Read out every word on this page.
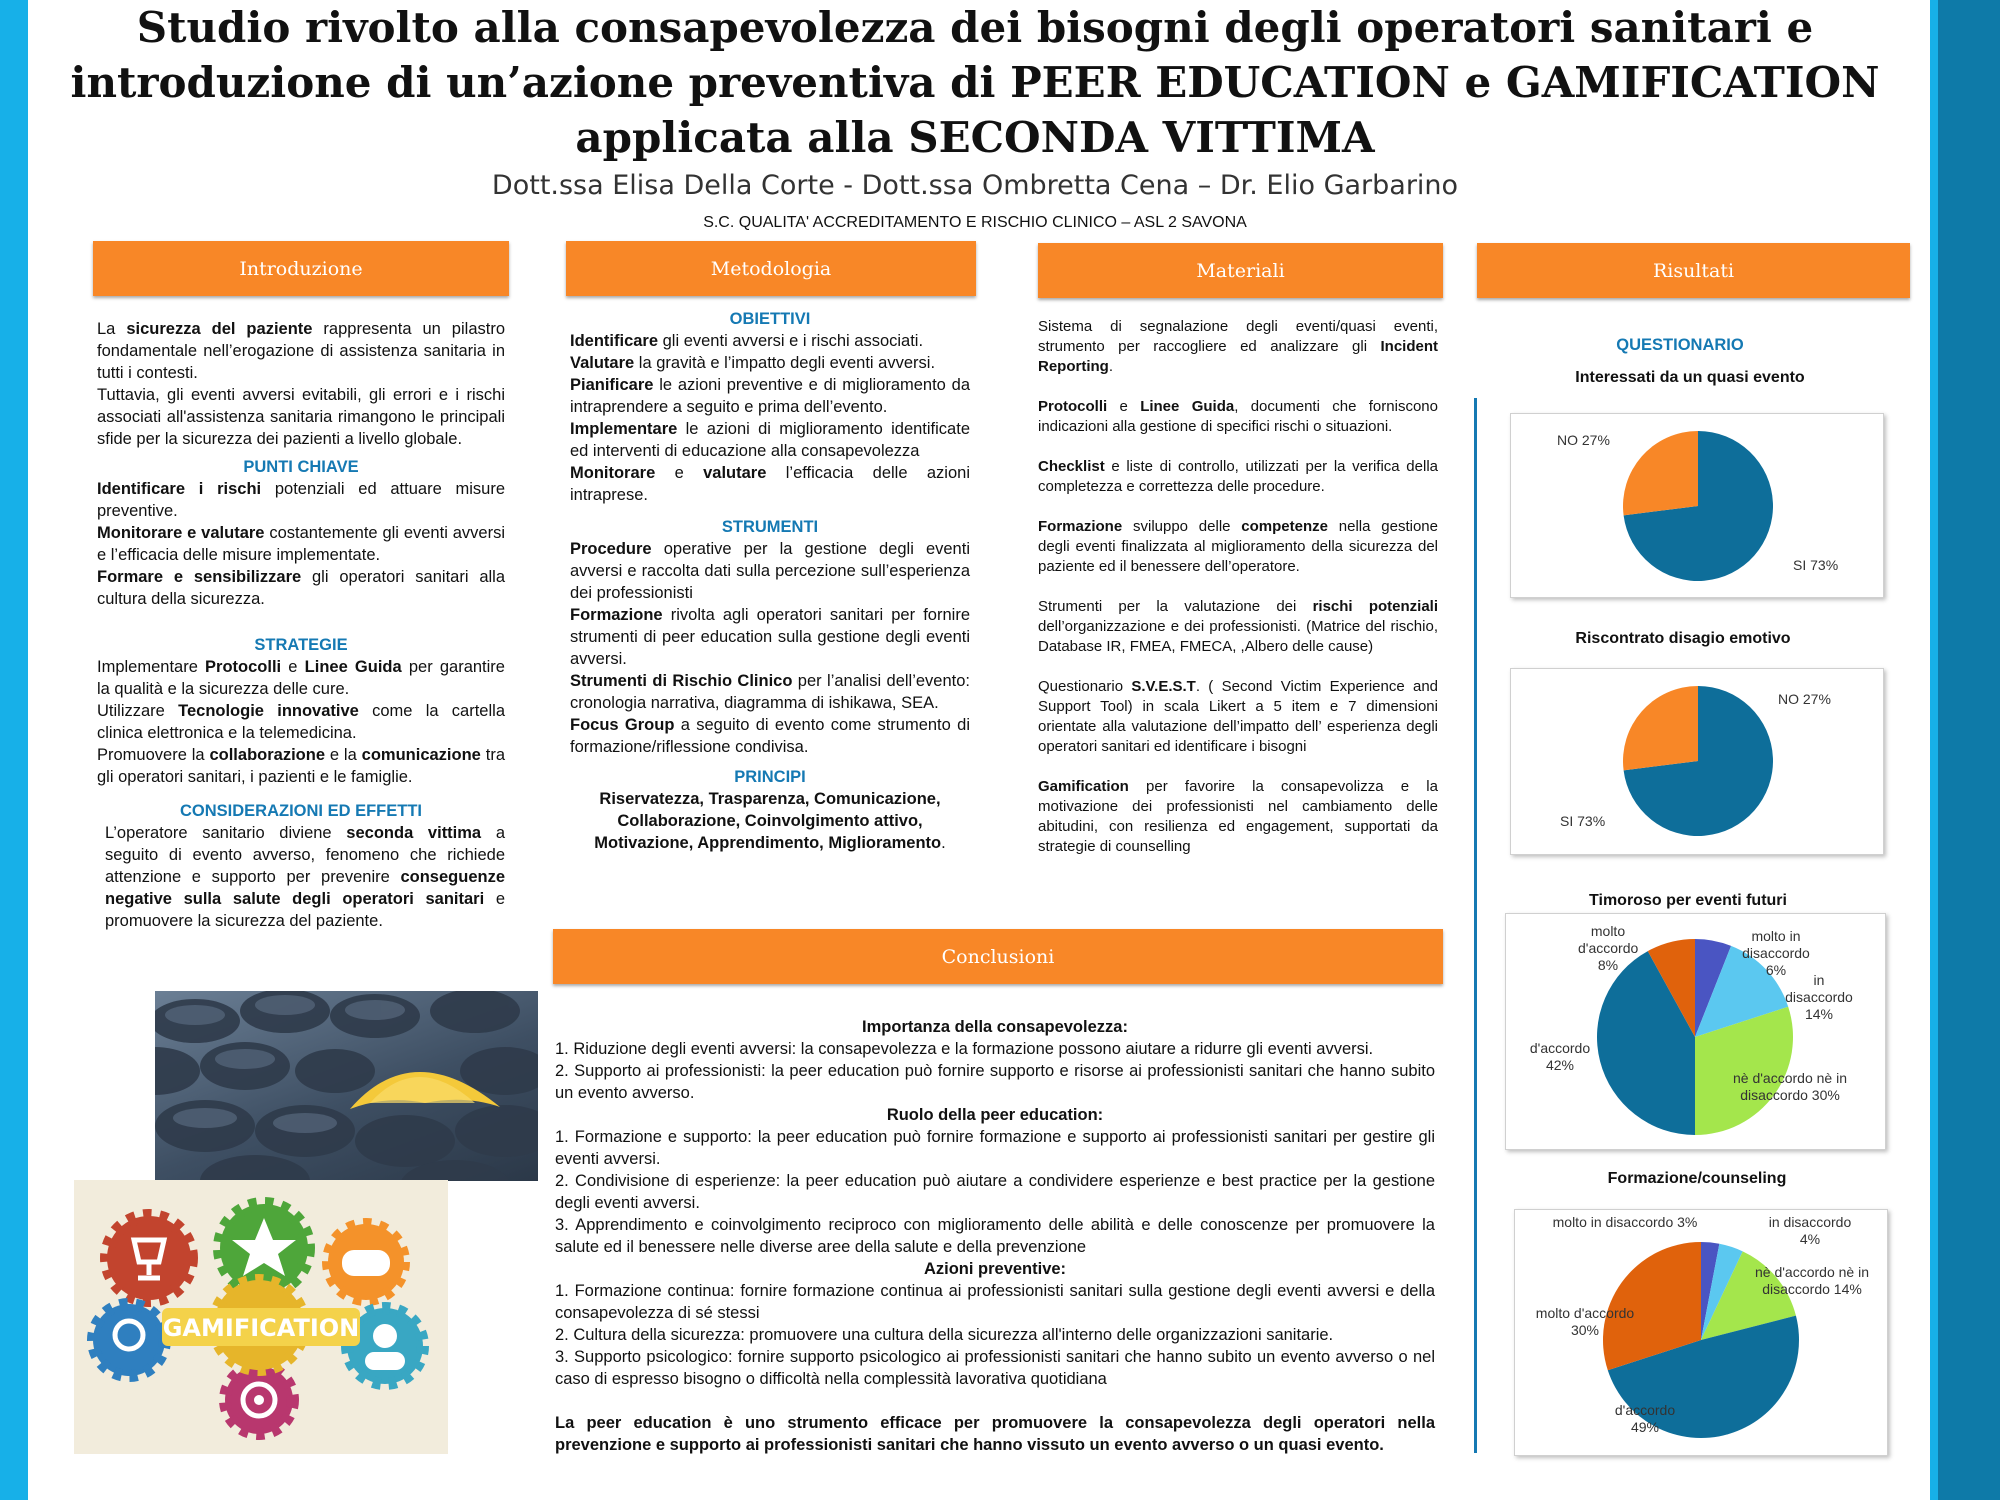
Studio rivolto alla consapevolezza dei bisogni degli operatori sanitari e
introduzione di un’azione preventiva di PEER EDUCATION e GAMIFICATION
applicata alla SECONDA VITTIMA
Dott.ssa Elisa Della Corte - Dott.ssa Ombretta Cena – Dr. Elio Garbarino
S.C. QUALITA' ACCREDITAMENTO E RISCHIO CLINICO – ASL 2 SAVONA
Introduzione	Metodologia	Materiali	Risultati
Conclusioni

La sicurezza del paziente rappresenta un pilastro fondamentale nell’erogazione di assistenza sanitaria in tutti i contesti.

Tuttavia, gli eventi avversi evitabili, gli errori e i rischi associati all'assistenza sanitaria rimangono le principali sfide per la sicurezza dei pazienti a livello globale.

PUNTI CHIAVE

Identificare i rischi potenziali ed attuare misure preventive.

Monitorare e valutare costantemente gli eventi avversi e l’efficacia delle misure implementate.

Formare e sensibilizzare gli operatori sanitari alla cultura della sicurezza.

STRATEGIE

Implementare Protocolli e Linee Guida per garantire la qualità e la sicurezza delle cure.

Utilizzare Tecnologie innovative come la cartella clinica elettronica e la telemedicina.

Promuovere la collaborazione e la comunicazione tra gli operatori sanitari, i pazienti e le famiglie.

CONSIDERAZIONI ED EFFETTI

L’operatore sanitario diviene seconda vittima a seguito di evento avverso, fenomeno che richiede attenzione e supporto per prevenire conseguenze negative sulla salute degli operatori sanitari e promuovere la sicurezza del paziente.

OBIETTIVI

Identificare gli eventi avversi e i rischi associati.

Valutare la gravità e l’impatto degli eventi avversi.

Pianificare le azioni preventive e di miglioramento da intraprendere a seguito e prima dell’evento.

Implementare le azioni di miglioramento identificate ed interventi di educazione alla consapevolezza

Monitorare e valutare l’efficacia delle azioni intraprese.

STRUMENTI

Procedure operative per la gestione degli eventi avversi e raccolta dati sulla percezione sull’esperienza dei professionisti

Formazione rivolta agli operatori sanitari per fornire strumenti di peer education sulla gestione degli eventi avversi.

Strumenti di Rischio Clinico per l’analisi dell’evento: cronologia narrativa, diagramma di ishikawa, SEA.

Focus Group a seguito di evento come strumento di formazione/riflessione condivisa.

PRINCIPI
Riservatezza, Trasparenza, Comunicazione,
Collaborazione, Coinvolgimento attivo,
Motivazione, Apprendimento, Miglioramento.

Sistema di segnalazione degli eventi/quasi eventi, strumento per raccogliere ed analizzare gli Incident Reporting.

Protocolli e Linee Guida, documenti che forniscono indicazioni alla gestione di specifici rischi o situazioni.

Checklist e liste di controllo, utilizzati per la verifica della completezza e correttezza delle procedure.

Formazione sviluppo delle competenze nella gestione degli eventi finalizzata al miglioramento della sicurezza del paziente ed il benessere dell’operatore.

Strumenti per la valutazione dei rischi potenziali dell’organizzazione e dei professionisti. (Matrice del rischio, Database IR, FMEA, FMECA, ,Albero delle cause)

Questionario S.V.E.S.T. ( Second Victim Experience and Support Tool) in scala Likert a 5 item e 7 dimensioni orientate alla valutazione dell’impatto dell’ esperienza degli operatori sanitari ed identificare i bisogni

Gamification per favorire la consapevolizza e la motivazione dei professionisti nel cambiamento delle abitudini, con resilienza ed engagement, supportati da strategie di counselling

Importanza della consapevolezza:

1. Riduzione degli eventi avversi: la consapevolezza e la formazione possono aiutare a ridurre gli eventi avversi.

2. Supporto ai professionisti: la peer education può fornire supporto e risorse ai professionisti sanitari che hanno subito un evento avverso.

Ruolo della peer education:

1. Formazione e supporto: la peer education può fornire formazione e supporto ai professionisti sanitari per gestire gli eventi avversi.

2. Condivisione di esperienze: la peer education può aiutare a condividere esperienze e best practice per la gestione degli eventi avversi.

3. Apprendimento e coinvolgimento reciproco con miglioramento delle abilità e delle conoscenze per promuovere la salute ed il benessere nelle diverse aree della salute e della prevenzione

Azioni preventive:

1. Formazione continua: fornire formazione continua ai professionisti sanitari sulla gestione degli eventi avversi e della consapevolezza di sé stessi

2. Cultura della sicurezza: promuovere una cultura della sicurezza all'interno delle organizzazioni sanitarie.

3. Supporto psicologico: fornire supporto psicologico ai professionisti sanitari che hanno subito un evento avverso o nel caso di espresso bisogno o difficoltà nella complessità lavorativa quotidiana

La peer education è uno strumento efficace per promuovere la consapevolezza degli operatori nella prevenzione e supporto ai professionisti sanitari che hanno vissuto un evento avverso o un quasi evento.

GAMIFICATION
QUESTIONARIO
Interessati da un quasi evento
NO 27%
SI 73%
Riscontrato disagio emotivo
NO 27%
SI 73%
Timoroso per eventi futuri
molto d'accordo 8%
molto in disaccordo 6%
in disaccordo 14%
d'accordo 42%
nè d'accordo nè in disaccordo 30%
Formazione/counseling
molto in disaccordo 3%	in disaccordo 4%
nè d'accordo nè in disaccordo 14%
molto d'accordo 30%
d'accordo 49%
